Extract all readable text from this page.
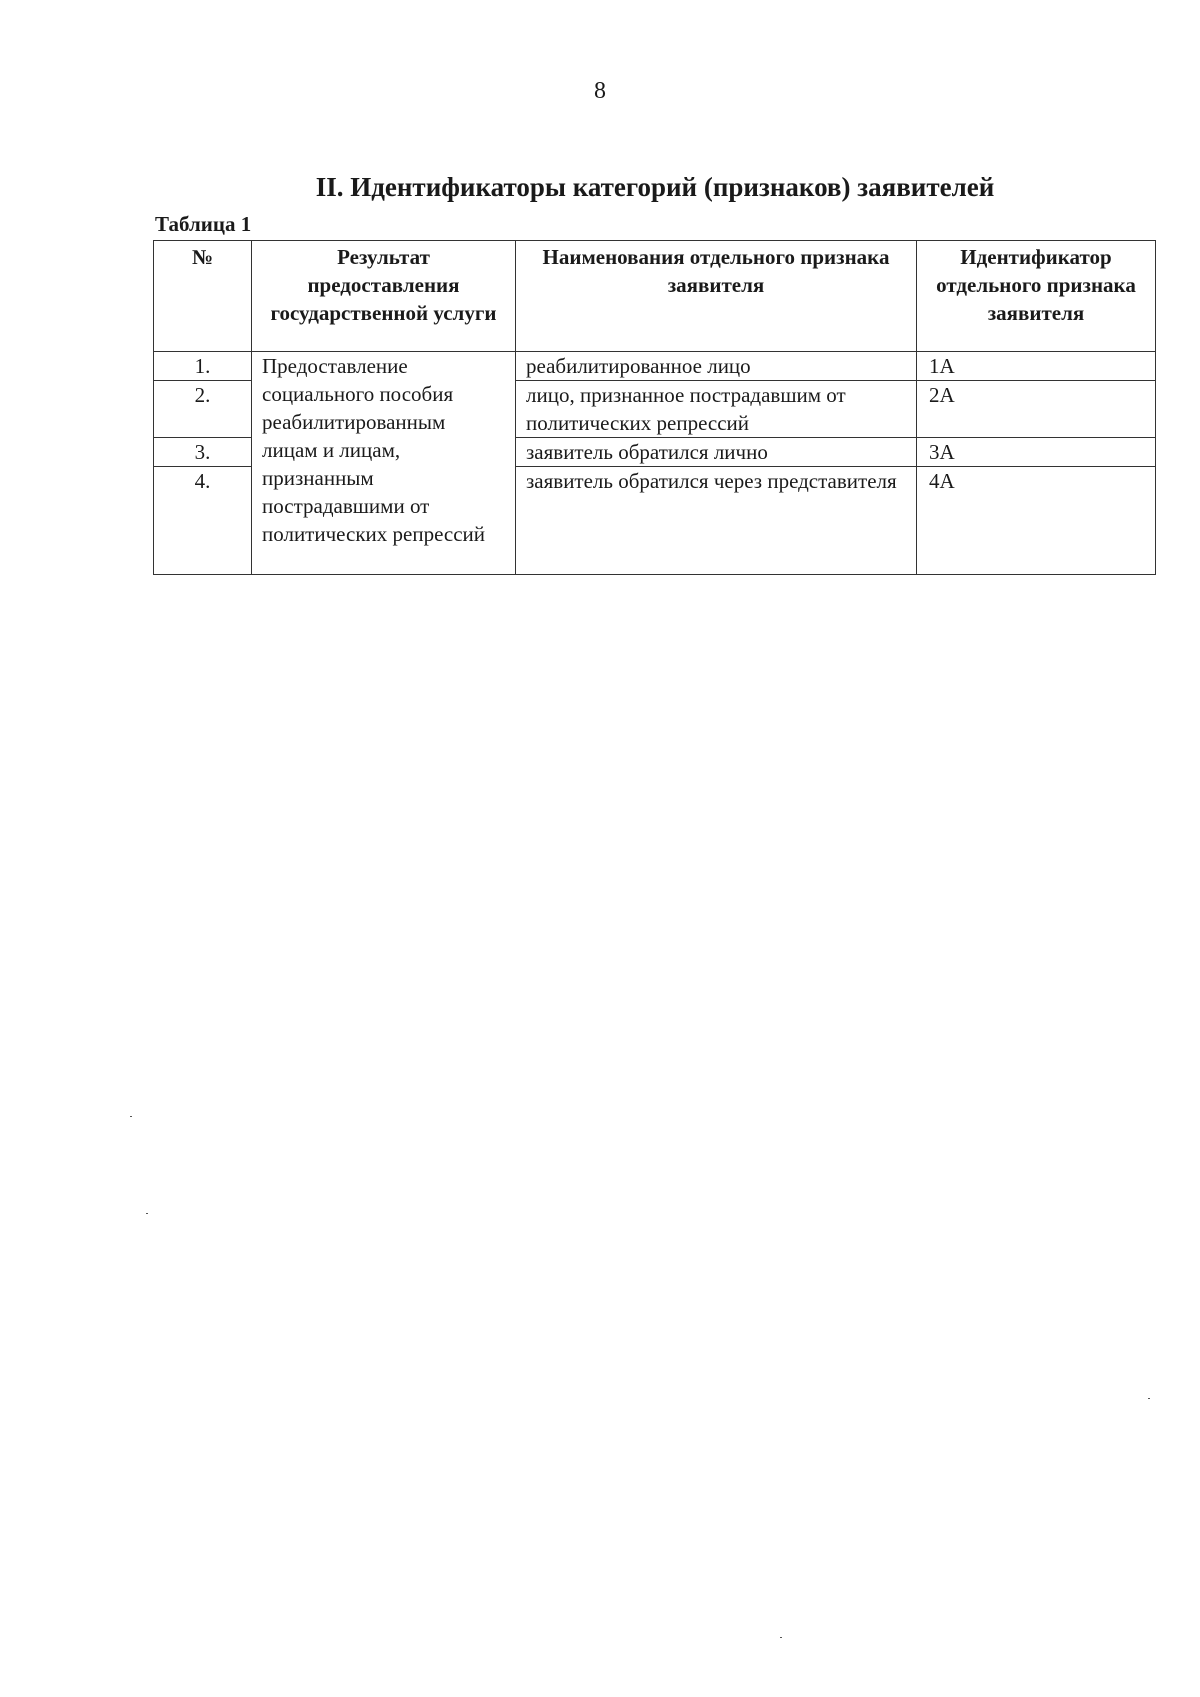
8
II. Идентификаторы категорий (признаков) заявителей
Таблица 1
№	Результат предоставления государственной услуги	Наименования отдельного признака заявителя	Идентификатор отдельного признака заявителя
1.	Предоставление социального пособия реабилитированным лицам и лицам, признанным пострадавшими от политических репрессий	реабилитированное лицо	1А
2.		лицо, признанное пострадавшим от политических репрессий	2А
3.		заявитель обратился лично	3А
4.		заявитель обратился через представителя	4А
